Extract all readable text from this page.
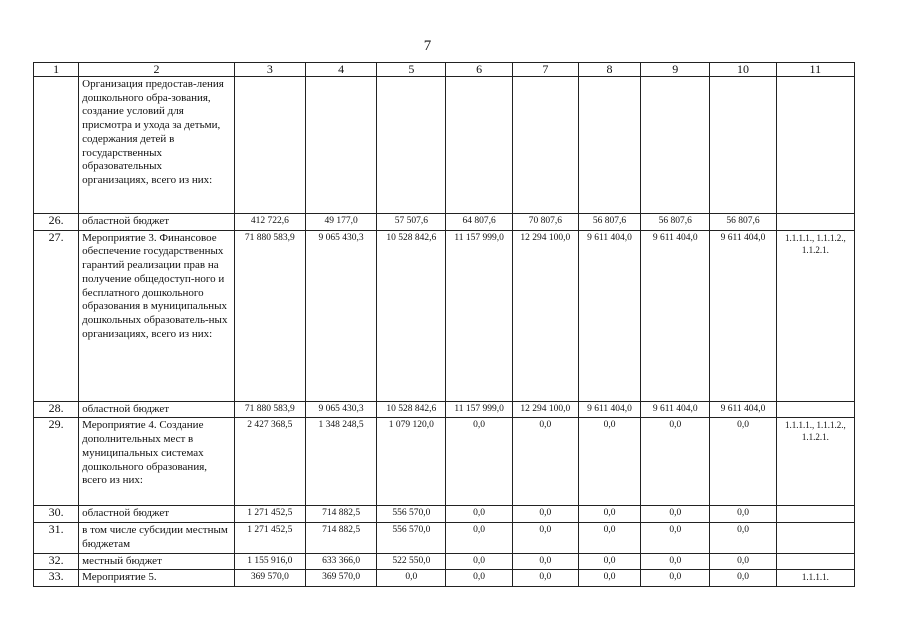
7
1	2	3	4	5	6	7	8	9	10	11
	Организация предостав-ления дошкольного обра-зования, создание условий для присмотра и ухода за детьми, содержания детей в государственных образовательных организациях, всего из них:									
26.	областной бюджет	412 722,6	49 177,0	57 507,6	64 807,6	70 807,6	56 807,6	56 807,6	56 807,6	
27.	Мероприятие 3. Финансовое обеспечение государственных гарантий реализации прав на получение общедоступ-ного и бесплатного дошкольного образования в муниципальных дошкольных образователь-ных организациях, всего из них:	71 880 583,9	9 065 430,3	10 528 842,6	11 157 999,0	12 294 100,0	9 611 404,0	9 611 404,0	9 611 404,0	1.1.1.1., 1.1.1.2., 1.1.2.1.
28.	областной бюджет	71 880 583,9	9 065 430,3	10 528 842,6	11 157 999,0	12 294 100,0	9 611 404,0	9 611 404,0	9 611 404,0	
29.	Мероприятие 4. Создание дополнительных мест в муниципальных системах дошкольного образования, всего из них:	2 427 368,5	1 348 248,5	1 079 120,0	0,0	0,0	0,0	0,0	0,0	1.1.1.1., 1.1.1.2., 1.1.2.1.
30.	областной бюджет	1 271 452,5	714 882,5	556 570,0	0,0	0,0	0,0	0,0	0,0	
31.	в том числе субсидии местным бюджетам	1 271 452,5	714 882,5	556 570,0	0,0	0,0	0,0	0,0	0,0	
32.	местный бюджет	1 155 916,0	633 366,0	522 550,0	0,0	0,0	0,0	0,0	0,0	
33.	Мероприятие 5.	369 570,0	369 570,0	0,0	0,0	0,0	0,0	0,0	0,0	1.1.1.1.
